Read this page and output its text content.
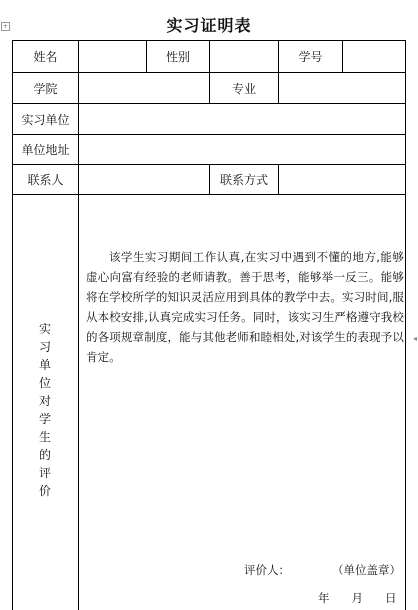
+
◂
实习证明表
姓名	性别	学号
学院	专业
实习单位
单位地址
联系人	联系方式
实
习
单
位
对
学
生
的
评
价
该学生实习期间工作认真,在实习中遇到不懂的地方,能够虚心向富有经验的老师请教。善于思考，能够举一反三。能够将在学校所学的知识灵活应用到具体的教学中去。实习时间,服从本校安排,认真完成实习任务。同时，该实习生严格遵守我校的各项规章制度，能与其他老师和睦相处,对该学生的表现予以肯定。
评价人：	（单位盖章）
年 月 日
